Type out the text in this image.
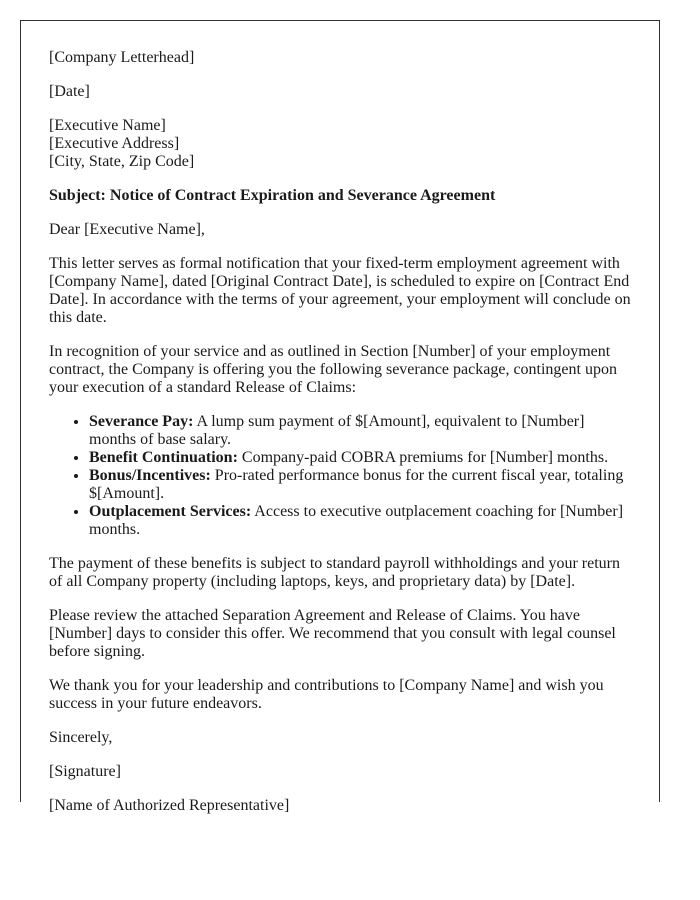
[Company Letterhead]

[Date]

[Executive Name]
[Executive Address]
[City, State, Zip Code]

Subject: Notice of Contract Expiration and Severance Agreement

Dear [Executive Name],

This letter serves as formal notification that your fixed-term employment agreement with [Company Name], dated [Original Contract Date], is scheduled to expire on [Contract End Date]. In accordance with the terms of your agreement, your employment will conclude on this date.

In recognition of your service and as outlined in Section [Number] of your employment contract, the Company is offering you the following severance package, contingent upon your execution of a standard Release of Claims:

• Severance Pay: A lump sum payment of $[Amount], equivalent to [Number] months of base salary.
• Benefit Continuation: Company-paid COBRA premiums for [Number] months.
• Bonus/Incentives: Pro-rated performance bonus for the current fiscal year, totaling $[Amount].
• Outplacement Services: Access to executive outplacement coaching for [Number] months.

The payment of these benefits is subject to standard payroll withholdings and your return of all Company property (including laptops, keys, and proprietary data) by [Date].

Please review the attached Separation Agreement and Release of Claims. You have [Number] days to consider this offer. We recommend that you consult with legal counsel before signing.

We thank you for your leadership and contributions to [Company Name] and wish you success in your future endeavors.

Sincerely,

[Signature]

[Name of Authorized Representative]
